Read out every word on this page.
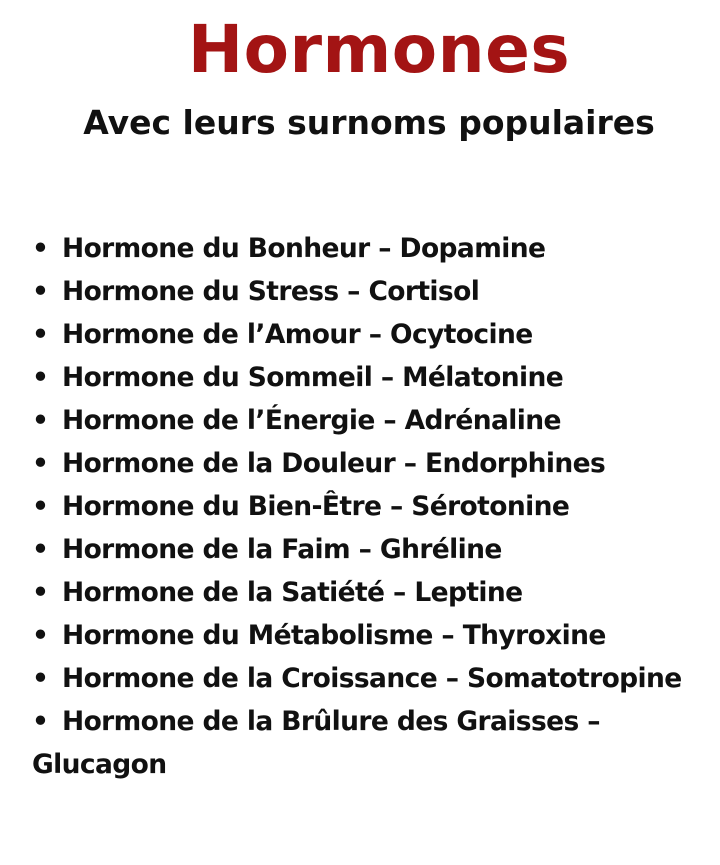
Hormones
Avec leurs surnoms populaires
• Hormone du Bonheur – Dopamine
• Hormone du Stress – Cortisol
• Hormone de l’Amour – Ocytocine
• Hormone du Sommeil – Mélatonine
• Hormone de l’Énergie – Adrénaline
• Hormone de la Douleur – Endorphines
• Hormone du Bien-Être – Sérotonine
• Hormone de la Faim – Ghréline
• Hormone de la Satiété – Leptine
• Hormone du Métabolisme – Thyroxine
• Hormone de la Croissance – Somatotropine
• Hormone de la Brûlure des Graisses – Glucagon
